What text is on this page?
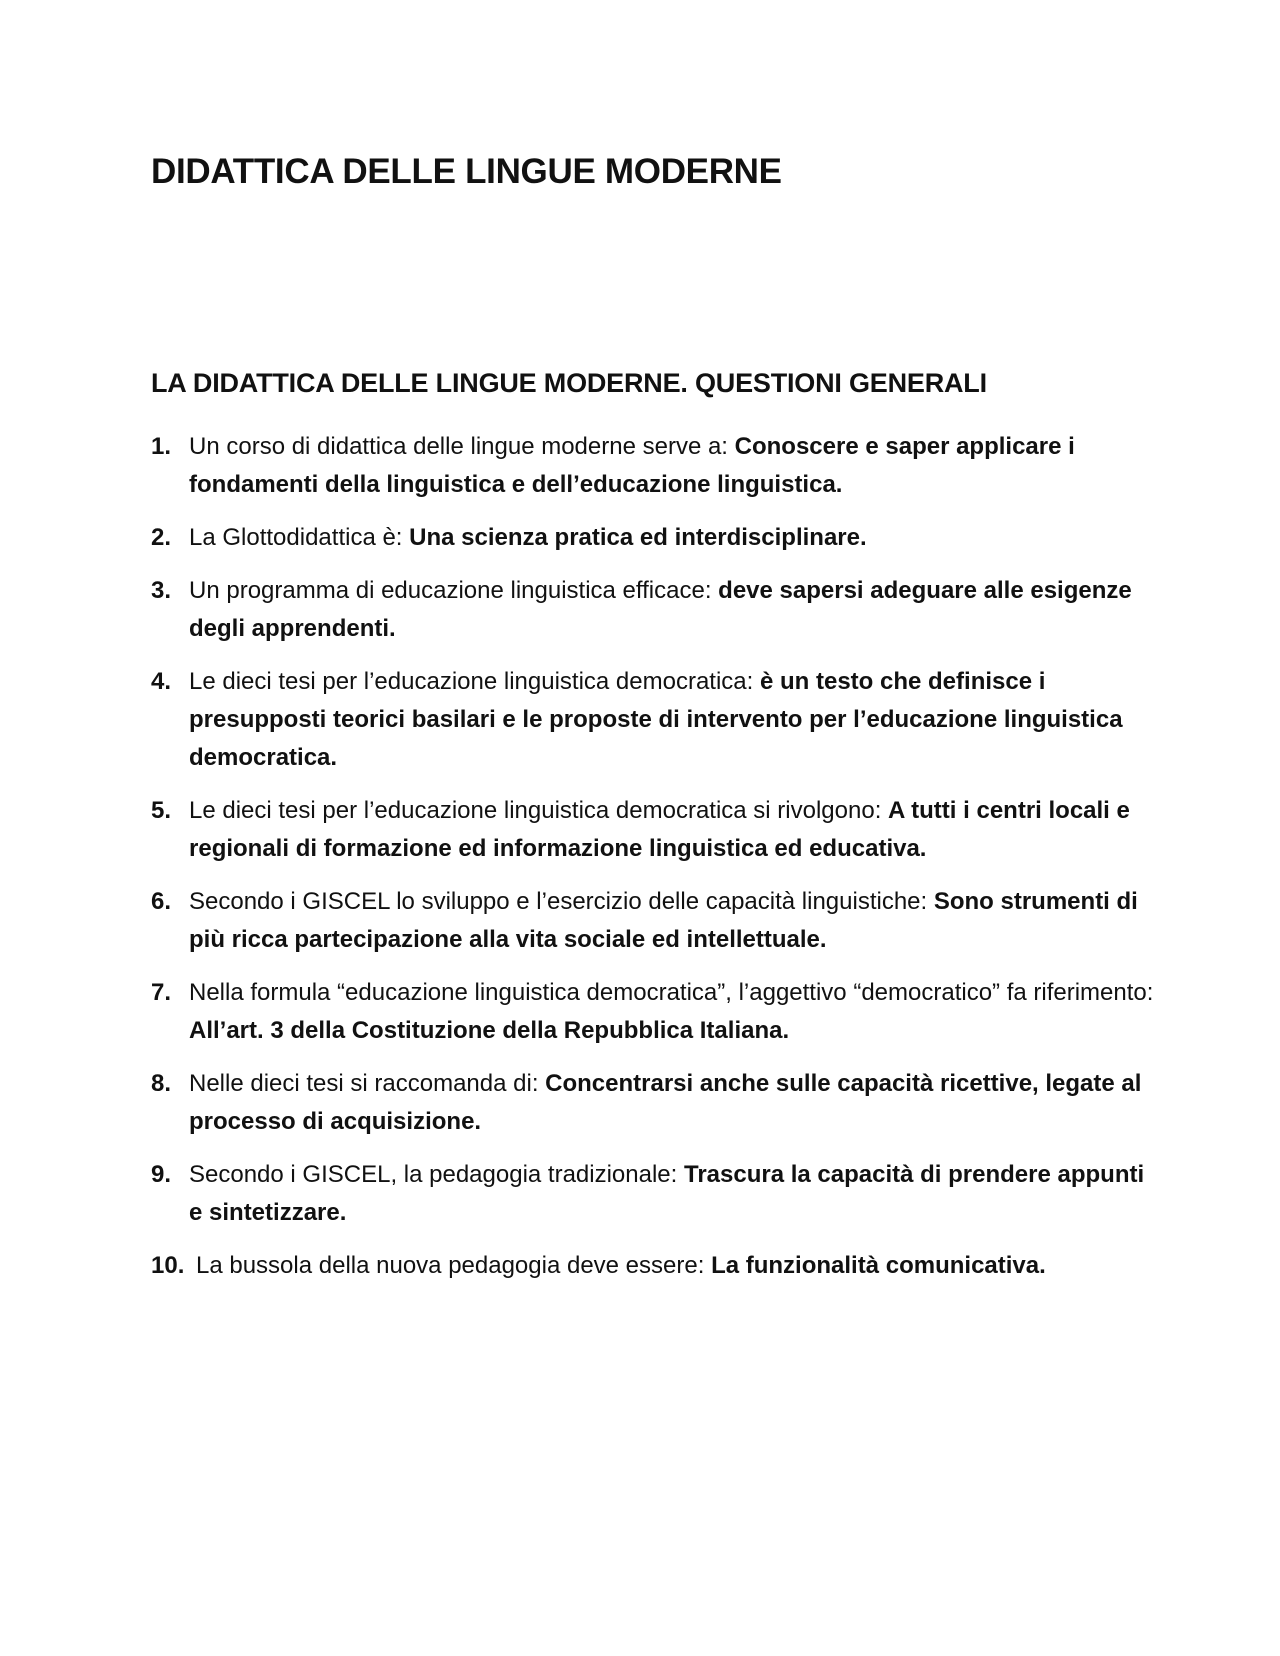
DIDATTICA DELLE LINGUE MODERNE
LA DIDATTICA DELLE LINGUE MODERNE. QUESTIONI GENERALI
1. Un corso di didattica delle lingue moderne serve a: Conoscere e saper applicare i fondamenti della linguistica e dell’educazione linguistica.
2. La Glottodidattica è: Una scienza pratica ed interdisciplinare.
3. Un programma di educazione linguistica efficace: deve sapersi adeguare alle esigenze degli apprendenti.
4. Le dieci tesi per l’educazione linguistica democratica: è un testo che definisce i presupposti teorici basilari e le proposte di intervento per l’educazione linguistica democratica.
5. Le dieci tesi per l’educazione linguistica democratica si rivolgono: A tutti i centri locali e regionali di formazione ed informazione linguistica ed educativa.
6. Secondo i GISCEL lo sviluppo e l’esercizio delle capacità linguistiche: Sono strumenti di più ricca partecipazione alla vita sociale ed intellettuale.
7. Nella formula “educazione linguistica democratica”, l’aggettivo “democratico” fa riferimento: All’art. 3 della Costituzione della Repubblica Italiana.
8. Nelle dieci tesi si raccomanda di: Concentrarsi anche sulle capacità ricettive, legate al processo di acquisizione.
9. Secondo i GISCEL, la pedagogia tradizionale: Trascura la capacità di prendere appunti e sintetizzare.
10. La bussola della nuova pedagogia deve essere: La funzionalità comunicativa.
